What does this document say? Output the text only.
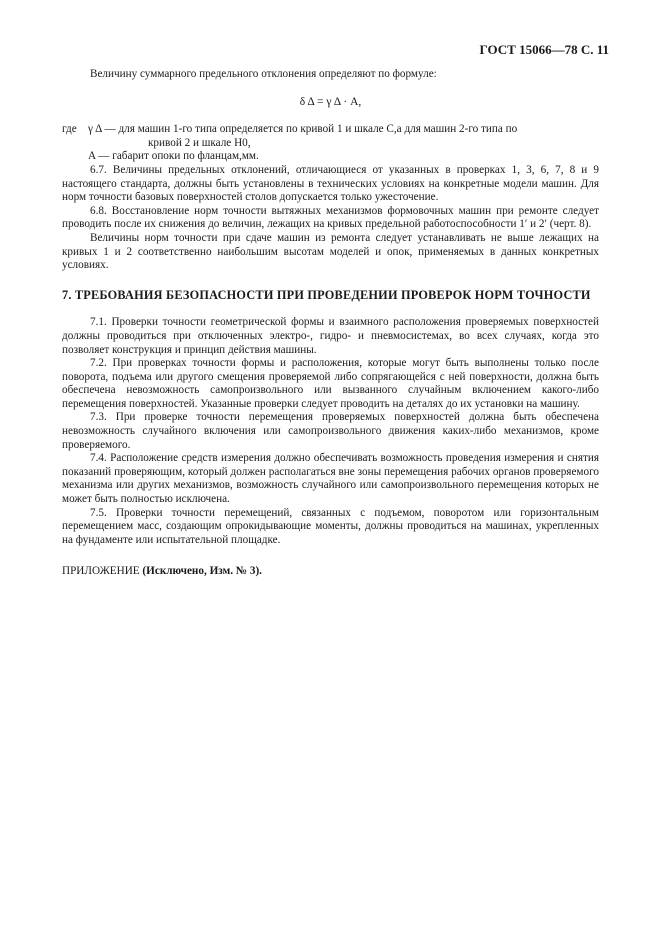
ГОСТ 15066—78 С. 11

Величину суммарного предельного отклонения определяют по формуле:

δ Δ = γ Δ · A,
где	γ Δ — для машин 1-го типа определяется по кривой 1 и шкале С,а для машин 2-го типа по
кривой 2 и шкале H0,
A — габарит опоки по фланцам,мм.

6.7. Величины предельных отклонений, отличающиеся от указанных в проверках 1, 3, 6, 7, 8 и 9 настоящего стандарта, должны быть установлены в технических условиях на конкретные модели машин. Для норм точности базовых поверхностей столов допускается только ужесточение.

6.8. Восстановление норм точности вытяжных механизмов формовочных машин при ремонте следует проводить после их снижения до величин, лежащих на кривых предельной работоспособности 1′ и 2′ (черт. 8).

Величины норм точности при сдаче машин из ремонта следует устанавливать не выше лежащих на кривых 1 и 2 соответственно наибольшим высотам моделей и опок, применяемых в данных конкретных условиях.

7. ТРЕБОВАНИЯ БЕЗОПАСНОСТИ ПРИ ПРОВЕДЕНИИ ПРОВЕРОК НОРМ ТОЧНОСТИ

7.1. Проверки точности геометрической формы и взаимного расположения проверяемых поверхностей должны проводиться при отключенных электро-, гидро- и пневмосистемах, во всех случаях, когда это позволяет конструкция и принцип действия машины.

7.2. При проверках точности формы и расположения, которые могут быть выполнены только после поворота, подъема или другого смещения проверяемой либо сопрягающейся с ней поверхности, должна быть обеспечена невозможность самопроизвольного или вызванного случайным включением какого-либо перемещения поверхностей. Указанные проверки следует проводить на деталях до их установки на машину.

7.3. При проверке точности перемещения проверяемых поверхностей должна быть обеспечена невозможность случайного включения или самопроизвольного движения каких-либо механизмов, кроме проверяемого.

7.4. Расположение средств измерения должно обеспечивать возможность проведения измерения и снятия показаний проверяющим, который должен располагаться вне зоны перемещения рабочих органов проверяемого механизма или других механизмов, возможность случайного или самопроизвольного перемещения которых не может быть полностью исключена.

7.5. Проверки точности перемещений, связанных с подъемом, поворотом или горизонтальным перемещением масс, создающим опрокидывающие моменты, должны проводиться на машинах, укрепленных на фундаменте или испытательной площадке.

ПРИЛОЖЕНИЕ (Исключено, Изм. № 3).
